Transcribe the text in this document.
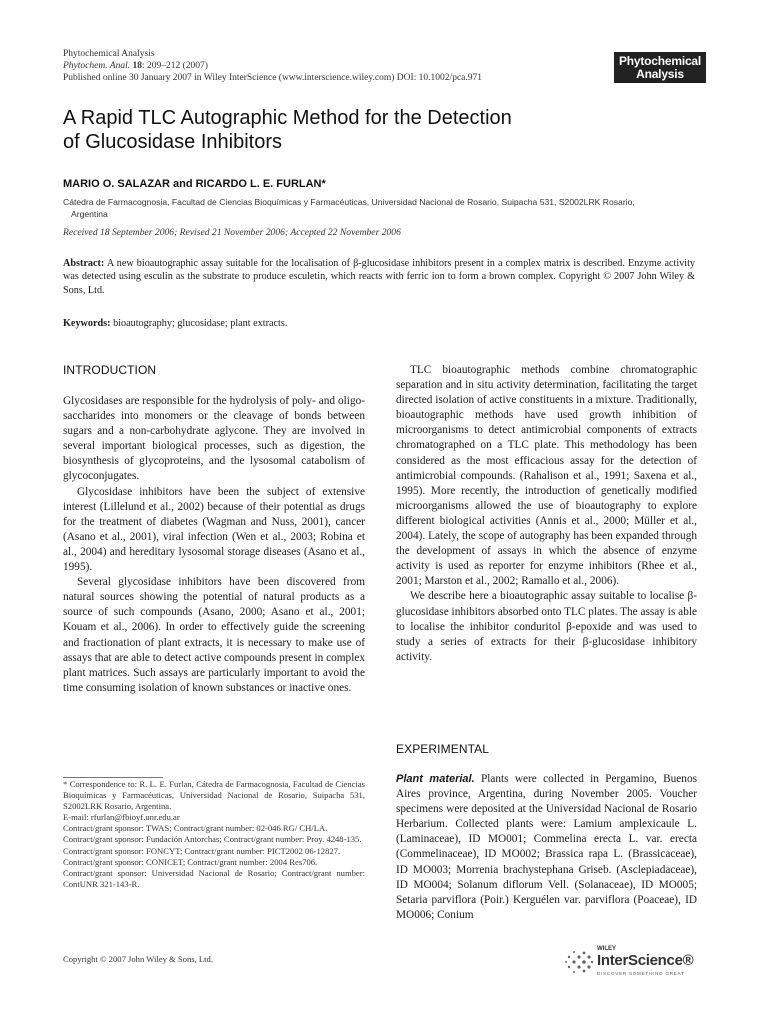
Phytochemical Analysis
Phytochem. Anal. 18: 209–212 (2007)
Published online 30 January 2007 in Wiley InterScience (www.interscience.wiley.com) DOI: 10.1002/pca.971
Phytochemical
Analysis
A Rapid TLC Autographic Method for the Detection
of Glucosidase Inhibitors
MARIO O. SALAZAR and RICARDO L. E. FURLAN*
Cátedra de Farmacognosia, Facultad de Ciencias Bioquímicas y Farmacéuticas, Universidad Nacional de Rosario, Suipacha 531, S2002LRK Rosario,
Argentina
Received 18 September 2006; Revised 21 November 2006; Accepted 22 November 2006
Abstract: A new bioautographic assay suitable for the localisation of β-glucosidase inhibitors present in a complex matrix is described. Enzyme activity was detected using esculin as the substrate to produce esculetin, which reacts with ferric ion to form a brown complex. Copyright © 2007 John Wiley & Sons, Ltd.
Keywords: bioautography; glucosidase; plant extracts.
INTRODUCTION

Glycosidases are responsible for the hydrolysis of poly- and oligo-saccharides into monomers or the cleavage of bonds between sugars and a non-carbohydrate aglycone. They are involved in several important biological processes, such as digestion, the biosynthesis of glycoproteins, and the lysosomal catabolism of glycoconjugates.

Glycosidase inhibitors have been the subject of extensive interest (Lillelund et al., 2002) because of their potential as drugs for the treatment of diabetes (Wagman and Nuss, 2001), cancer (Asano et al., 2001), viral infection (Wen et al., 2003; Robina et al., 2004) and hereditary lysosomal storage diseases (Asano et al., 1995).

Several glycosidase inhibitors have been discovered from natural sources showing the potential of natural products as a source of such compounds (Asano, 2000; Asano et al., 2001; Kouam et al., 2006). In order to effectively guide the screening and fractionation of plant extracts, it is necessary to make use of assays that are able to detect active compounds present in complex plant matrices. Such assays are particularly important to avoid the time consuming isolation of known substances or inactive ones.

TLC bioautographic methods combine chromatographic separation and in situ activity determination, facilitating the target directed isolation of active constituents in a mixture. Traditionally, bioautographic methods have used growth inhibition of microorganisms to detect antimicrobial components of extracts chromatographed on a TLC plate. This methodology has been considered as the most efficacious assay for the detection of antimicrobial compounds. (Rahalison et al., 1991; Saxena et al., 1995). More recently, the introduction of genetically modified microorganisms allowed the use of bioautography to explore different biological activities (Annis et al., 2000; Müller et al., 2004). Lately, the scope of autography has been expanded through the development of assays in which the absence of enzyme activity is used as reporter for enzyme inhibitors (Rhee et al., 2001; Marston et al., 2002; Ramallo et al., 2006).

We describe here a bioautographic assay suitable to localise β-glucosidase inhibitors absorbed onto TLC plates. The assay is able to localise the inhibitor conduritol β-epoxide and was used to study a series of extracts for their β-glucosidase inhibitory activity.

EXPERIMENTAL

Plant material. Plants were collected in Pergamino, Buenos Aires province, Argentina, during November 2005. Voucher specimens were deposited at the Universidad Nacional de Rosario Herbarium. Collected plants were: Lamium amplexicaule L. (Laminaceae), ID MO001; Commelina erecta L. var. erecta (Commelinaceae), ID MO002; Brassica rapa L. (Brassicaceae), ID MO003; Morrenia brachystephana Griseb. (Asclepiadaceae), ID MO004; Solanum diflorum Vell. (Solanaceae), ID MO005; Setaria parviflora (Poir.) Kerguélen var. parviflora (Poaceae), ID MO006; Conium

* Correspondence to: R. L. E. Furlan, Cátedra de Farmacognosia, Facultad de Ciencias Bioquímicas y Farmacéuticas, Universidad Nacional de Rosario, Suipacha 531, S2002LRK Rosario, Argentina.

E-mail: rfurlan@fbioyf.unr.edu.ar

Contract/grant sponsor: TWAS; Contract/grant number: 02-046 RG/ CH/LA.

Contract/grant sponsor: Fundación Antorchas; Contract/grant number: Proy. 4248-135.

Contract/grant sponsor: FONCYT; Contract/grant number: PICT2002 06-12827.

Contract/grant sponsor: CONICET; Contract/grant number: 2004 Res706.

Contract/grant sponsor: Universidad Nacional de Rosario; Contract/grant number: ContUNR 321-143-R.

Copyright © 2007 John Wiley & Sons, Ltd.
WILEY
InterScience®
DISCOVER SOMETHING GREAT
